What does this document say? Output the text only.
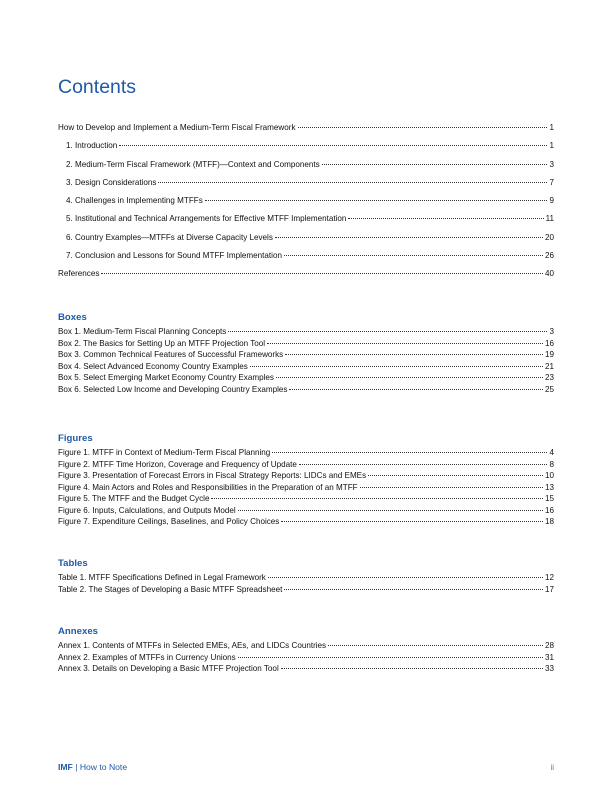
Contents
How to Develop and Implement a Medium-Term Fiscal Framework	1
1. Introduction	1
2. Medium-Term Fiscal Framework (MTFF)—Context and Components	3
3. Design Considerations	7
4. Challenges in Implementing MTFFs	9
5. Institutional and Technical Arrangements for Effective MTFF Implementation	11
6. Country Examples—MTFFs at Diverse Capacity Levels	20
7. Conclusion and Lessons for Sound MTFF Implementation	26
References	40
Boxes
Box 1. Medium-Term Fiscal Planning Concepts	3
Box 2. The Basics for Setting Up an MTFF Projection Tool	16
Box 3. Common Technical Features of Successful Frameworks	19
Box 4. Select Advanced Economy Country Examples	21
Box 5. Select Emerging Market Economy Country Examples	23
Box 6. Selected Low Income and Developing Country Examples	25
Figures
Figure 1. MTFF in Context of Medium-Term Fiscal Planning	4
Figure 2. MTFF Time Horizon, Coverage and Frequency of Update	8
Figure 3. Presentation of Forecast Errors in Fiscal Strategy Reports: LIDCs and EMEs	10
Figure 4. Main Actors and Roles and Responsibilities in the Preparation of an MTFF	13
Figure 5. The MTFF and the Budget Cycle	15
Figure 6. Inputs, Calculations, and Outputs Model	16
Figure 7. Expenditure Ceilings, Baselines, and Policy Choices	18
Tables
Table 1. MTFF Specifications Defined in Legal Framework	12
Table 2. The Stages of Developing a Basic MTFF Spreadsheet	17
Annexes
Annex 1. Contents of MTFFs in Selected EMEs, AEs, and LIDCs Countries	28
Annex 2. Examples of MTFFs in Currency Unions	31
Annex 3. Details on Developing a Basic MTFF Projection Tool	33
IMF | How to Note	ii
